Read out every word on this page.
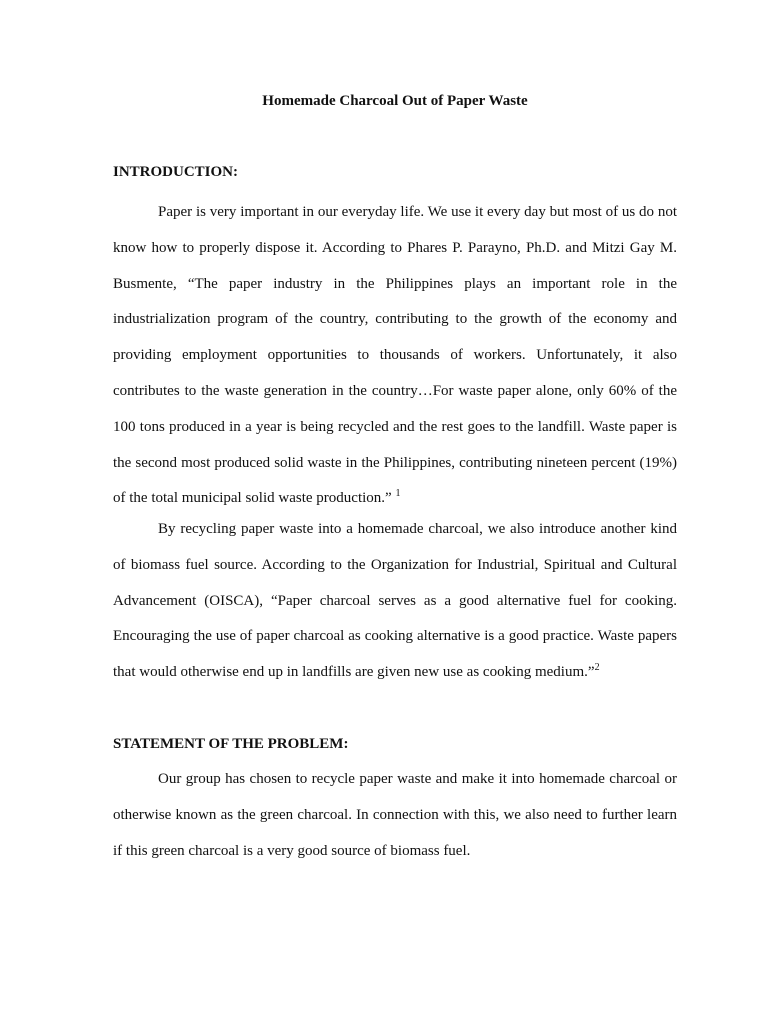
Homemade Charcoal Out of Paper Waste
INTRODUCTION:

Paper is very important in our everyday life. We use it every day but most of us do not know how to properly dispose it. According to Phares P. Parayno, Ph.D. and Mitzi Gay M. Busmente, “The paper industry in the Philippines plays an important role in the industrialization program of the country, contributing to the growth of the economy and providing employment opportunities to thousands of workers. Unfortunately, it also contributes to the waste generation in the country…For waste paper alone, only 60% of the 100 tons produced in a year is being recycled and the rest goes to the landfill. Waste paper is the second most produced solid waste in the Philippines, contributing nineteen percent (19%) of the total municipal solid waste production.” $^1$

By recycling paper waste into a homemade charcoal, we also introduce another kind of biomass fuel source. According to the Organization for Industrial, Spiritual and Cultural Advancement (OISCA), “Paper charcoal serves as a good alternative fuel for cooking. Encouraging the use of paper charcoal as cooking alternative is a good practice. Waste papers that would otherwise end up in landfills are given new use as cooking medium.”$^2$

STATEMENT OF THE PROBLEM:

Our group has chosen to recycle paper waste and make it into homemade charcoal or otherwise known as the green charcoal. In connection with this, we also need to further learn if this green charcoal is a very good source of biomass fuel.
